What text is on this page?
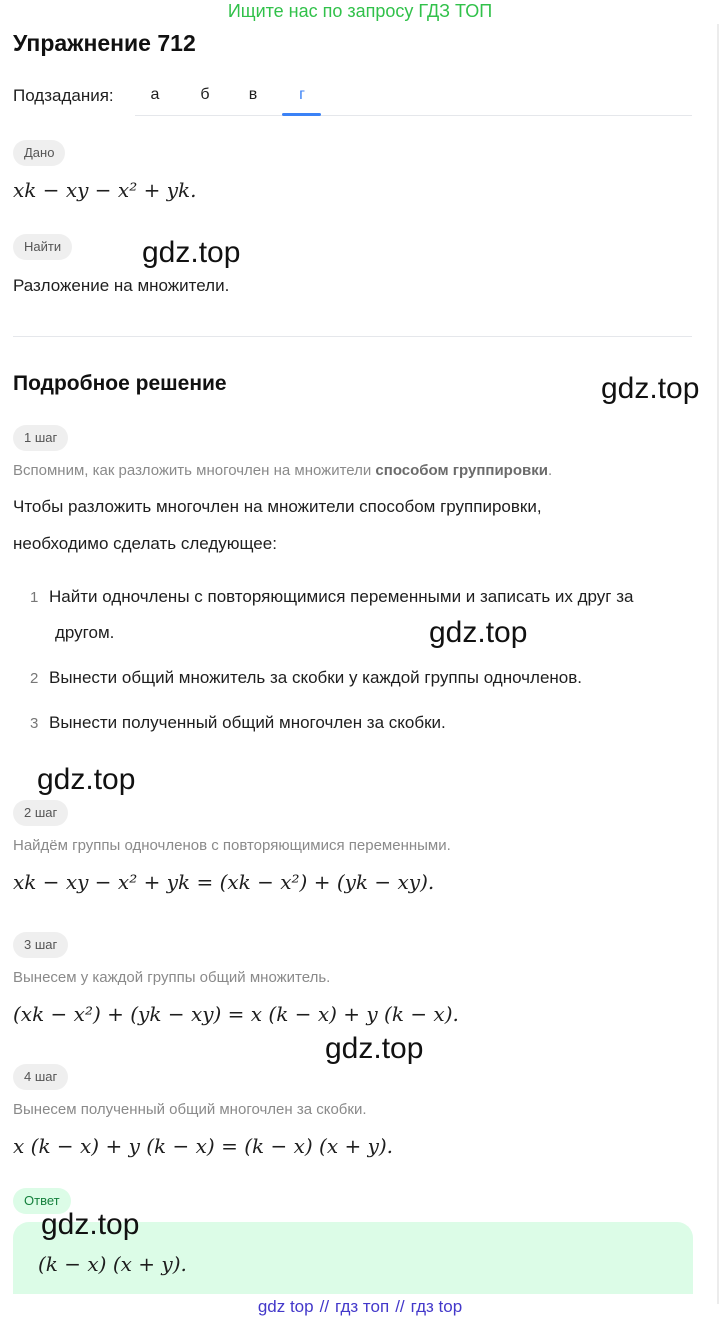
Ищите нас по запросу ГДЗ ТОП
Упражнение 712
Подзадания:	а	б	в	г
Дано
xk − xy − x² + yk.
Найти	gdz.top
Разложение на множители.
Подробное решение	gdz.top
1 шаг
Вспомним, как разложить многочлен на множители способом группировки.
Чтобы разложить многочлен на множители способом группировки,
необходимо сделать следующее:
1 Найти одночлены с повторяющимися переменными и записать их друг за
другом.	gdz.top
2 Вынести общий множитель за скобки у каждой группы одночленов.
3 Вынести полученный общий многочлен за скобки.
gdz.top
2 шаг
Найдём группы одночленов с повторяющимися переменными.
xk − xy − x² + yk = (xk − x²) + (yk − xy).
3 шаг
Вынесем у каждой группы общий множитель.
(xk − x²) + (yk − xy) = x (k − x) + y (k − x).
gdz.top
4 шаг
Вынесем полученный общий многочлен за скобки.
x (k − x) + y (k − x) = (k − x) (x + y).
Ответ
gdz.top
(k − x) (x + y).
gdz top // гдз топ // гдз top
